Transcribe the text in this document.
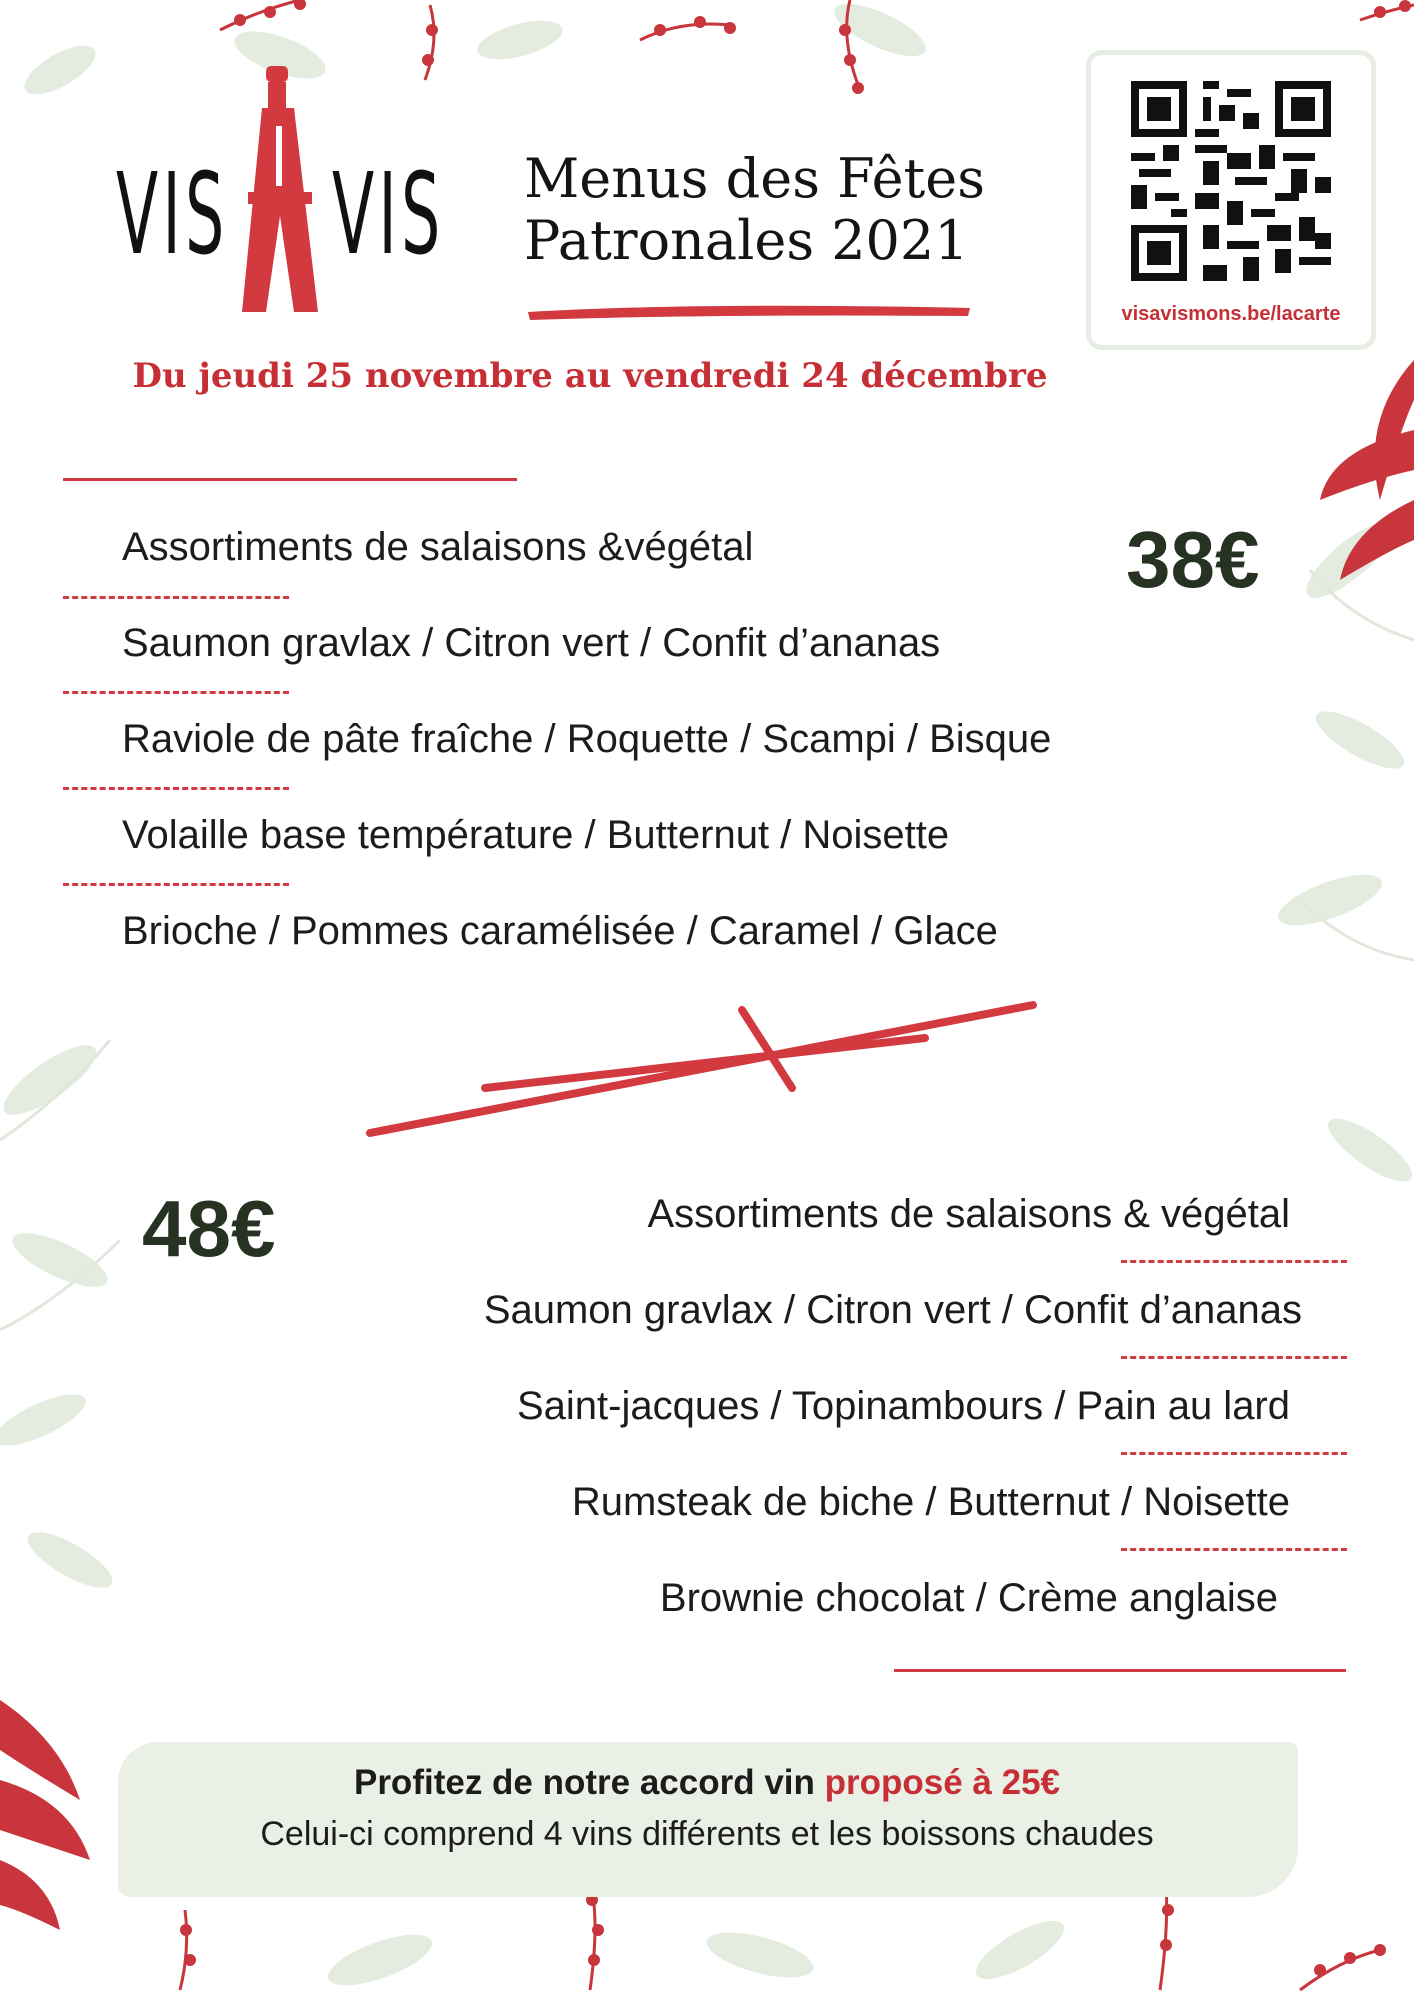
VIS VIS Menus des Fêtes
Patronales 2021

Du jeudi 25 novembre au vendredi 24 décembre

visavismons.be/lacarte
38€
Assortiments de salaisons &végétal
Saumon gravlax / Citron vert / Confit d’ananas
Raviole de pâte fraîche / Roquette / Scampi / Bisque
Volaille base température / Butternut / Noisette
Brioche / Pommes caramélisée / Caramel / Glace
48€	Assortiments de salaisons & végétal
Saumon gravlax / Citron vert / Confit d’ananas
Saint-jacques / Topinambours / Pain au lard
Rumsteak de biche / Butternut / Noisette
Brownie chocolat / Crème anglaise
Profitez de notre accord vin proposé à 25€
Celui-ci comprend 4 vins différents et les boissons chaudes
